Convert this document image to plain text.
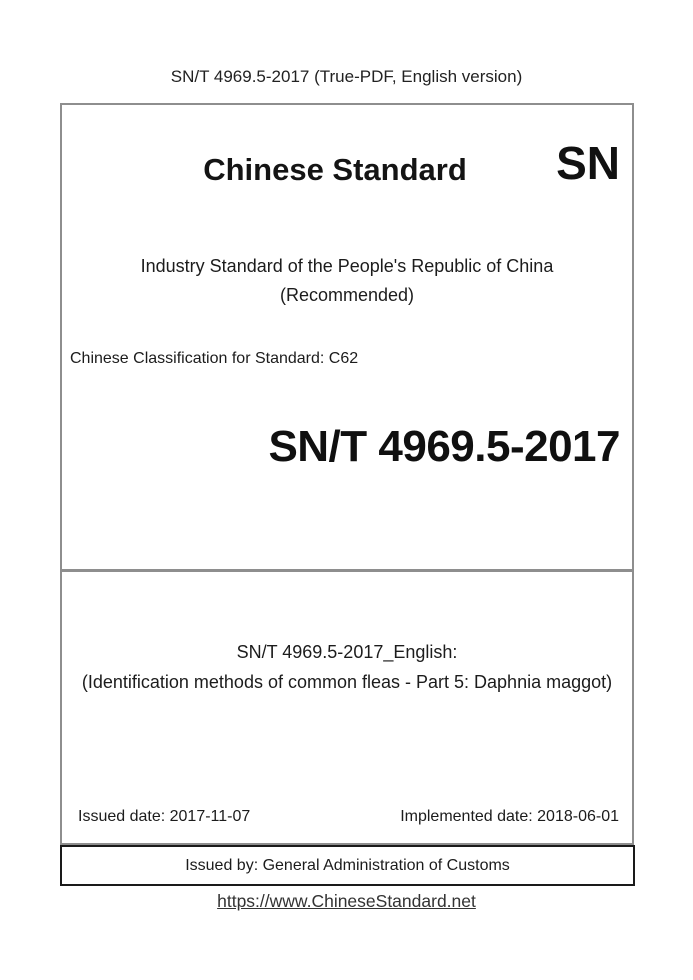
SN/T 4969.5-2017 (True-PDF, English version)
Chinese Standard	SN
Industry Standard of the People's Republic of China
(Recommended)
Chinese Classification for Standard: C62
SN/T 4969.5-2017
SN/T 4969.5-2017_English:
(Identification methods of common fleas - Part 5: Daphnia maggot)
Issued date: 2017-11-07	Implemented date: 2018-06-01
Issued by: General Administration of Customs
https://www.ChineseStandard.net
